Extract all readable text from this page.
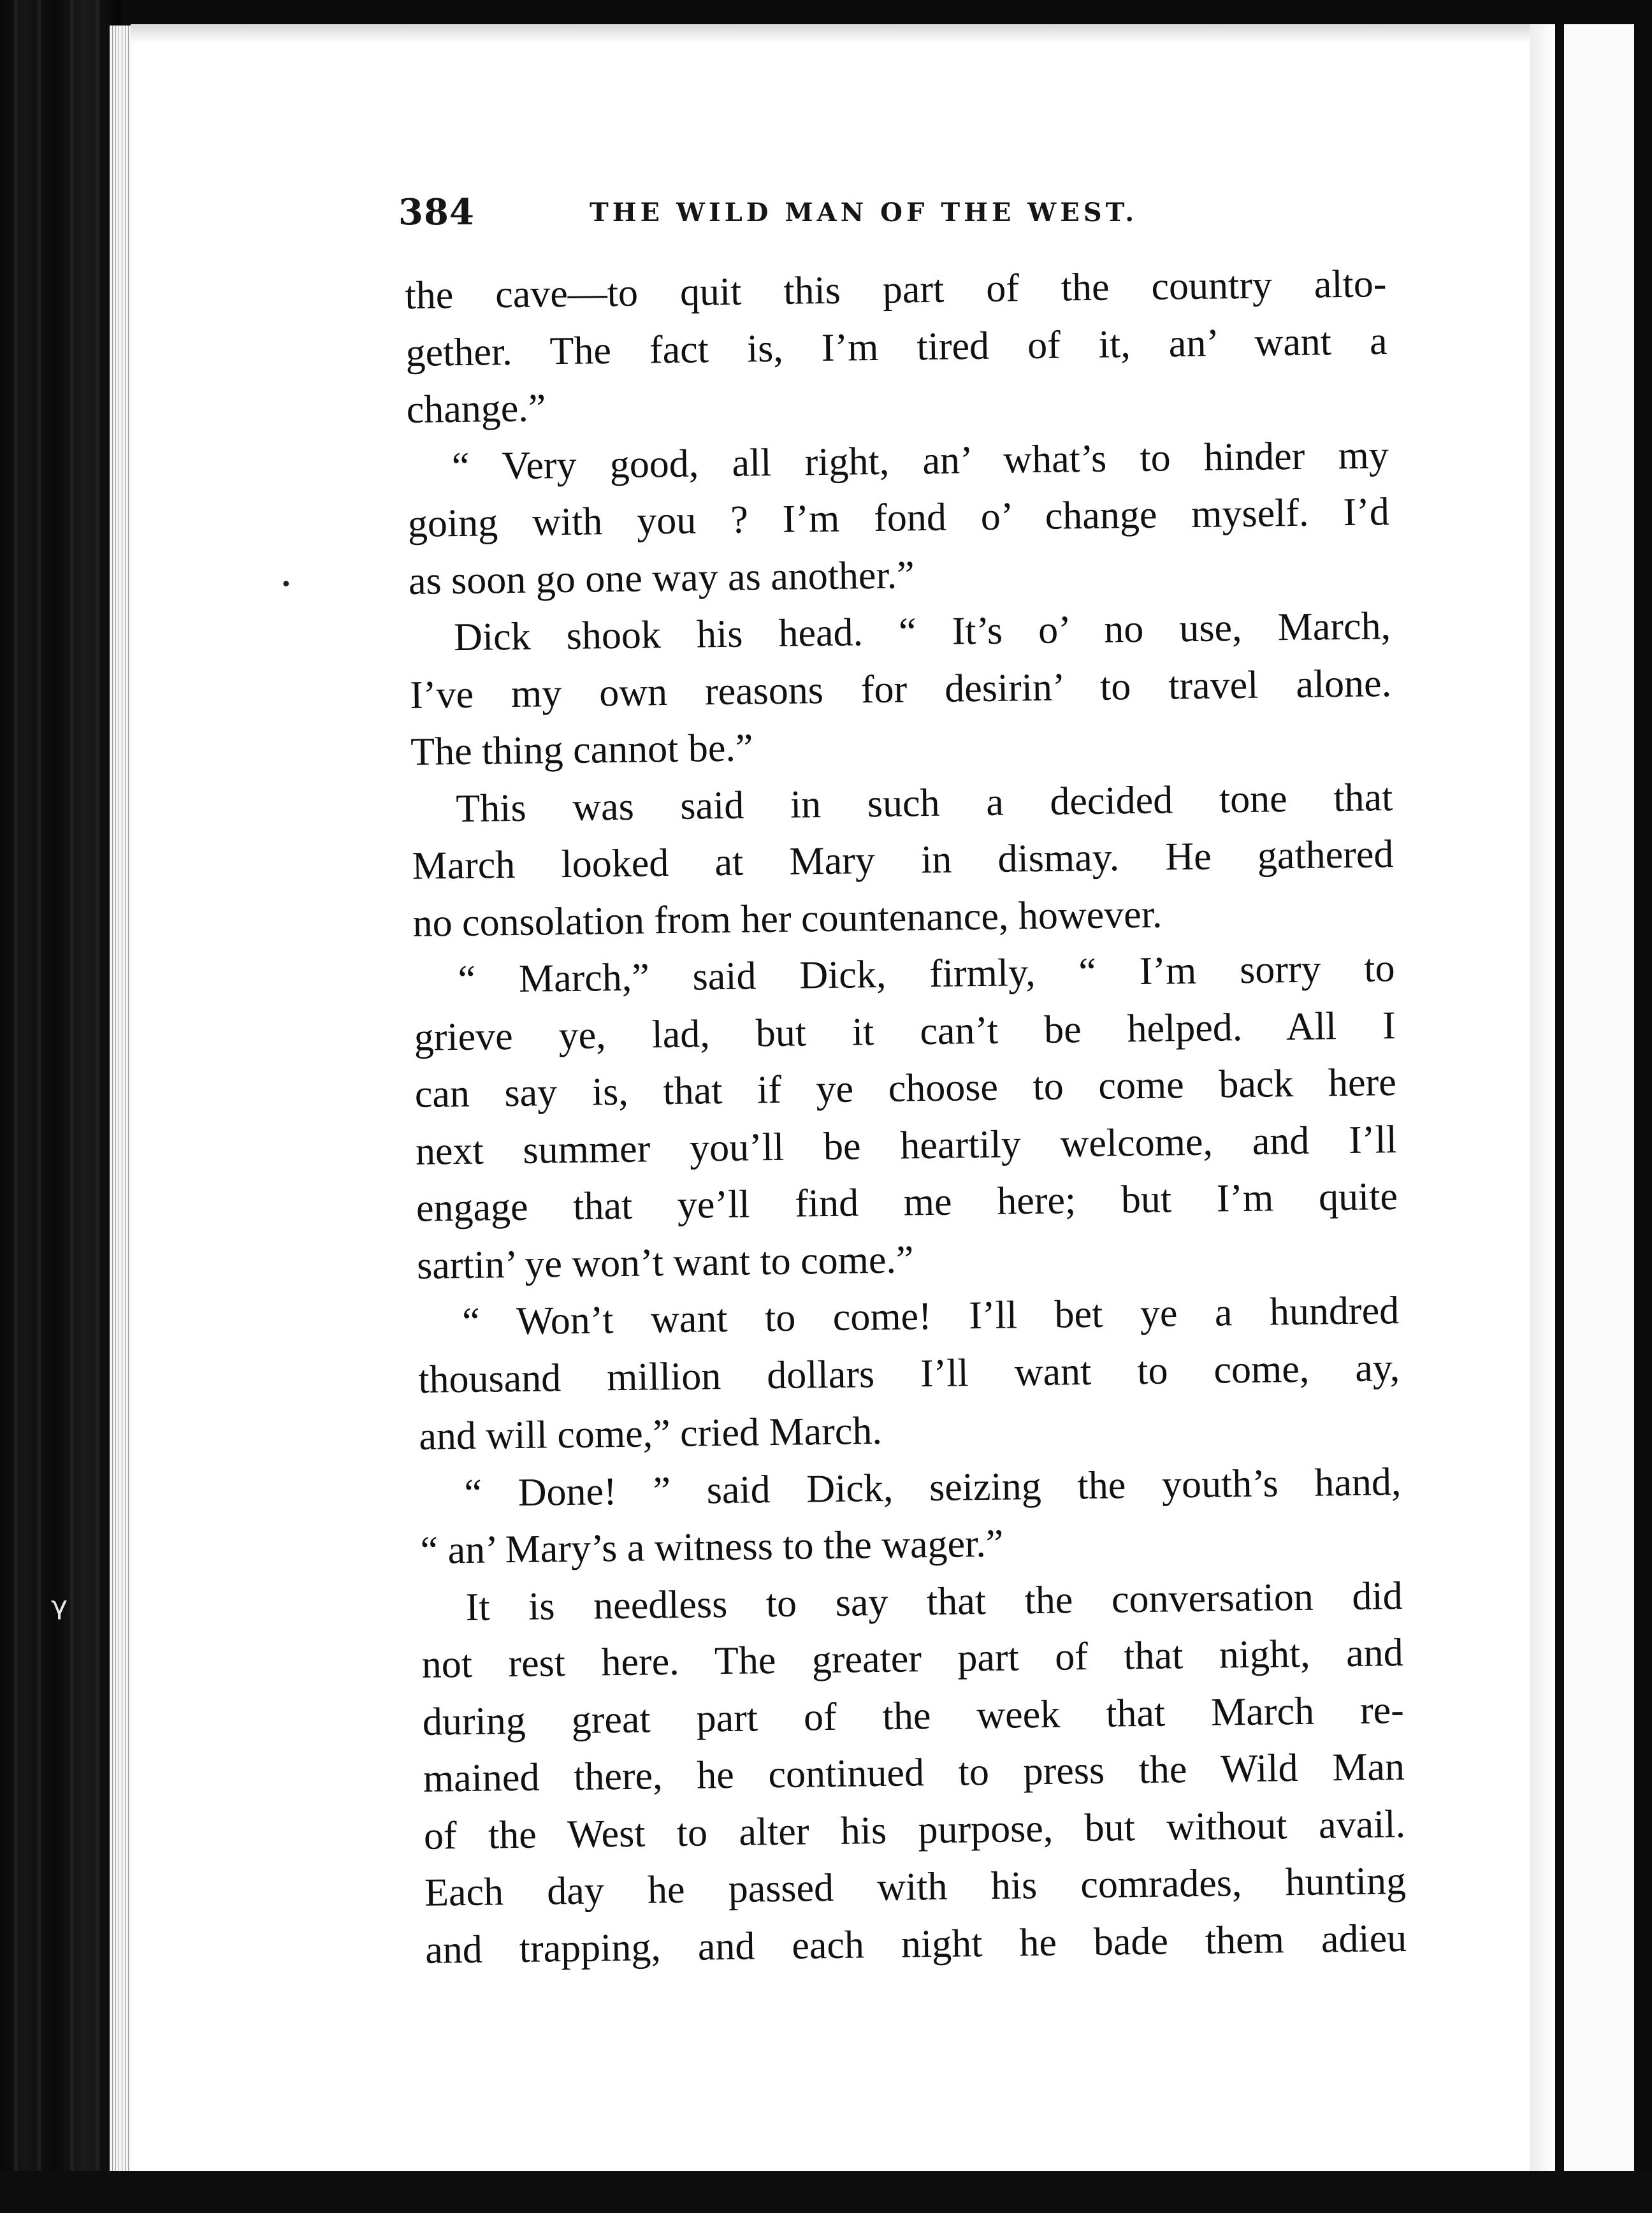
•
ᵞ
384	THE WILD MAN OF THE WEST.

the cave—to quit this part of the country alto-
gether. The fact is, I’m tired of it, an’ want a
change.”

“ Very good, all right, an’ what’s to hinder my
going with you ? I’m fond o’ change myself. I’d
as soon go one way as another.”

Dick shook his head. “ It’s o’ no use, March,
I’ve my own reasons for desirin’ to travel alone.
The thing cannot be.”

This was said in such a decided tone that
March looked at Mary in dismay. He gathered
no consolation from her countenance, however.

“ March,” said Dick, firmly, “ I’m sorry to
grieve ye, lad, but it can’t be helped. All I
can say is, that if ye choose to come back here
next summer you’ll be heartily welcome, and I’ll
engage that ye’ll find me here; but I’m quite
sartin’ ye won’t want to come.”

“ Won’t want to come! I’ll bet ye a hundred
thousand million dollars I’ll want to come, ay,
and will come,” cried March.

“ Done! ” said Dick, seizing the youth’s hand,
“ an’ Mary’s a witness to the wager.”

It is needless to say that the conversation did
not rest here. The greater part of that night, and
during great part of the week that March re-
mained there, he continued to press the Wild Man
of the West to alter his purpose, but without avail.
Each day he passed with his comrades, hunting
and trapping, and each night he bade them adieu
